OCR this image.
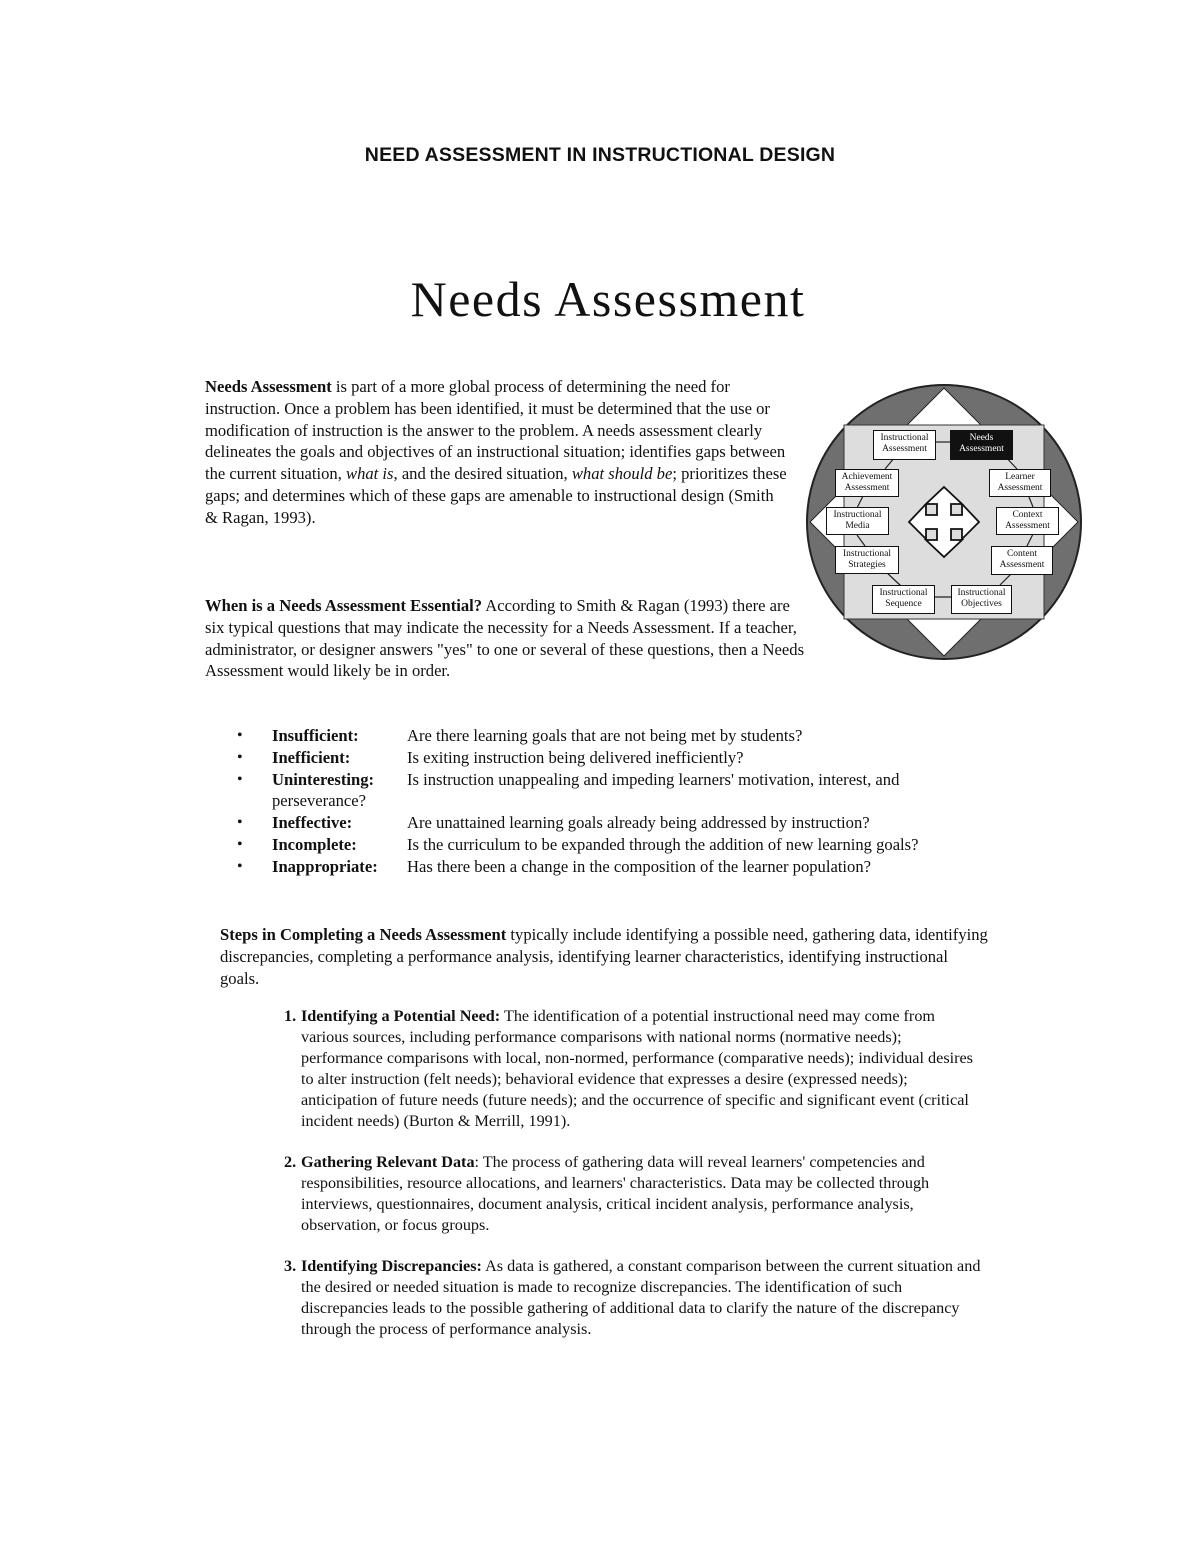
NEED ASSESSMENT IN INSTRUCTIONAL DESIGN
Needs Assessment

Needs Assessment is part of a more global process of determining the need for instruction. Once a problem has been identified, it must be determined that the use or modification of instruction is the answer to the problem. A needs assessment clearly delineates the goals and objectives of an instructional situation; identifies gaps between the current situation, what is, and the desired situation, what should be; prioritizes these gaps; and determines which of these gaps are amenable to instructional design (Smith & Ragan, 1993).

Instructional
Assessment
Needs
Assessment
Learner
Assessment
Context
Assessment
Content
Assessment
Instructional
Objectives
Instructional
Sequence
Instructional
Strategies
Instructional
Media
Achievement
Assessment

When is a Needs Assessment Essential? According to Smith & Ragan (1993) there are six typical questions that may indicate the necessity for a Needs Assessment. If a teacher, administrator, or designer answers "yes" to one or several of these questions, then a Needs Assessment would likely be in order.

• Insufficient:	Are there learning goals that are not being met by students?
• Inefficient:	Is exiting instruction being delivered inefficiently?
• Uninteresting: Is instruction unappealing and impeding learners' motivation, interest, and perseverance?
• Ineffective:	Are unattained learning goals already being addressed by instruction?
• Incomplete:	Is the curriculum to be expanded through the addition of new learning goals?
• Inappropriate: Has there been a change in the composition of the learner population?

Steps in Completing a Needs Assessment typically include identifying a possible need, gathering data, identifying discrepancies, completing a performance analysis, identifying learner characteristics, identifying instructional goals.

1. Identifying a Potential Need: The identification of a potential instructional need may come from various sources, including performance comparisons with national norms (normative needs); performance comparisons with local, non-normed, performance (comparative needs); individual desires to alter instruction (felt needs); behavioral evidence that expresses a desire (expressed needs); anticipation of future needs (future needs); and the occurrence of specific and significant event (critical incident needs) (Burton & Merrill, 1991).
2. Gathering Relevant Data: The process of gathering data will reveal learners' competencies and responsibilities, resource allocations, and learners' characteristics. Data may be collected through interviews, questionnaires, document analysis, critical incident analysis, performance analysis, observation, or focus groups.
3. Identifying Discrepancies: As data is gathered, a constant comparison between the current situation and the desired or needed situation is made to recognize discrepancies. The identification of such discrepancies leads to the possible gathering of additional data to clarify the nature of the discrepancy through the process of performance analysis.
